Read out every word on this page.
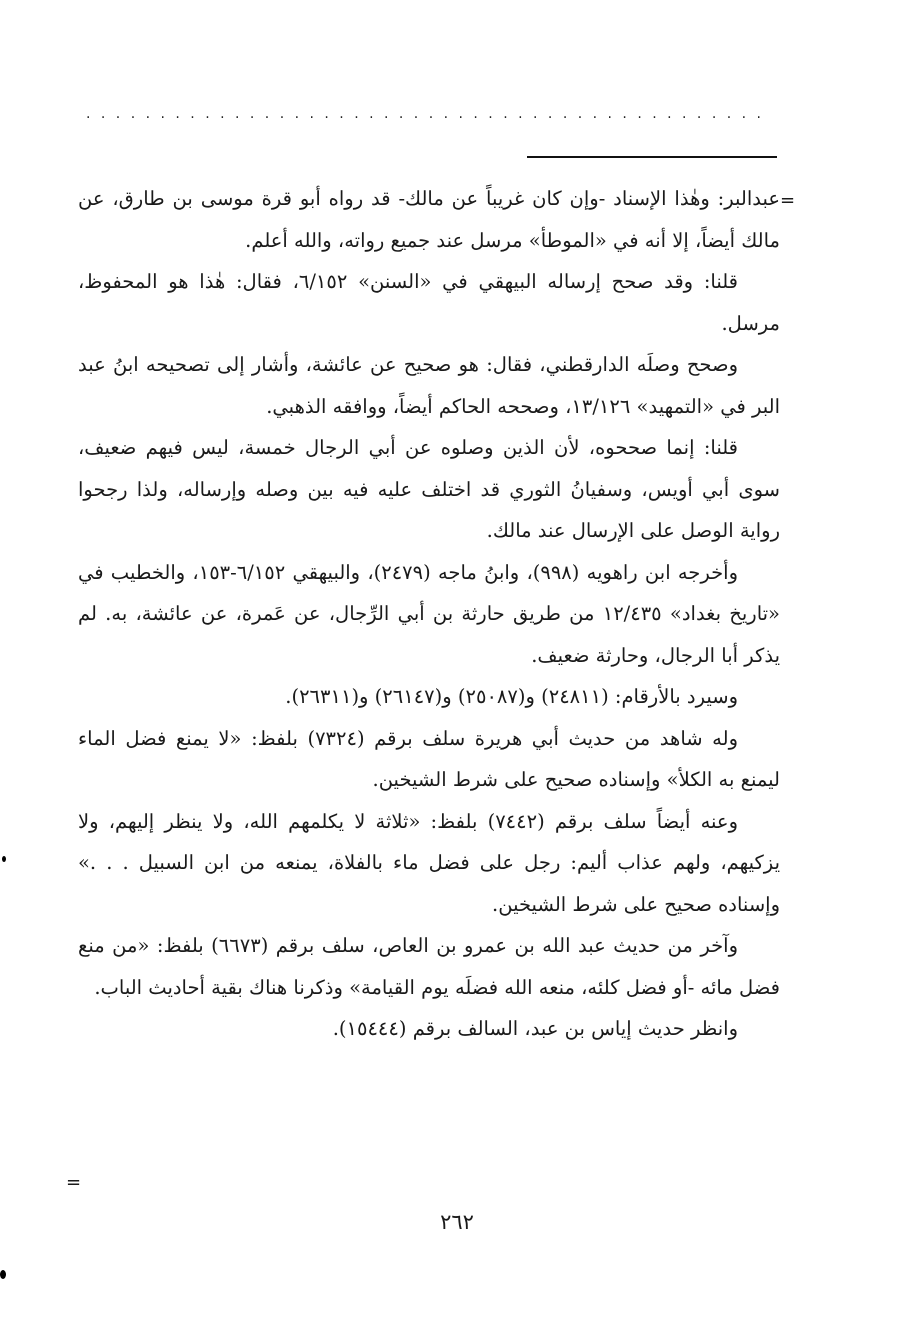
. . . . . . . . . . . . . . . . . . . . . . . . . . . . . . . . . . . . . . . . . . . . . .
=

عبدالبر: وهٰذا الإسناد -وإن كان غريباً عن مالك- قد رواه أبو قرة موسى بن طارق، عن مالك أيضاً، إلا أنه في «الموطأ» مرسل عند جميع رواته، والله أعلم.

قلنا: وقد صحح إرساله البيهقي في «السنن» ٦/١٥٢، فقال: هٰذا هو المحفوظ، مرسل.

وصحح وصلَه الدارقطني، فقال: هو صحيح عن عائشة، وأشار إلى تصحيحه ابنُ عبد البر في «التمهيد» ١٣/١٢٦، وصححه الحاكم أيضاً، ووافقه الذهبي.

قلنا: إنما صححوه، لأن الذين وصلوه عن أبي الرجال خمسة، ليس فيهم ضعيف، سوى أبي أويس، وسفيانُ الثوري قد اختلف عليه فيه بين وصله وإرساله، ولذا رجحوا رواية الوصل على الإرسال عند مالك.

وأخرجه ابن راهويه (٩٩٨)، وابنُ ماجه (٢٤٧٩)، والبيهقي ٦/١٥٢-١٥٣، والخطيب في «تاريخ بغداد» ١٢/٤٣٥ من طريق حارثة بن أبي الرِّجال، عن عَمرة، عن عائشة، به. لم يذكر أبا الرجال، وحارثة ضعيف.

وسيرد بالأرقام: (٢٤٨١١) و(٢٥٠٨٧) و(٢٦١٤٧) و(٢٦٣١١).

وله شاهد من حديث أبي هريرة سلف برقم (٧٣٢٤) بلفظ: «لا يمنع فضل الماء ليمنع به الكلأ» وإسناده صحيح على شرط الشيخين.

وعنه أيضاً سلف برقم (٧٤٤٢) بلفظ: «ثلاثة لا يكلمهم الله، ولا ينظر إليهم، ولا يزكيهم، ولهم عذاب أليم: رجل على فضل ماء بالفلاة، يمنعه من ابن السبيل . . .» وإسناده صحيح على شرط الشيخين.

وآخر من حديث عبد الله بن عمرو بن العاص، سلف برقم (٦٦٧٣) بلفظ: «من منع فضل مائه -أو فضل كلئه، منعه الله فضلَه يوم القيامة» وذكرنا هناك بقية أحاديث الباب.

وانظر حديث إياس بن عبد، السالف برقم (١٥٤٤٤).

=
٢٦٢
